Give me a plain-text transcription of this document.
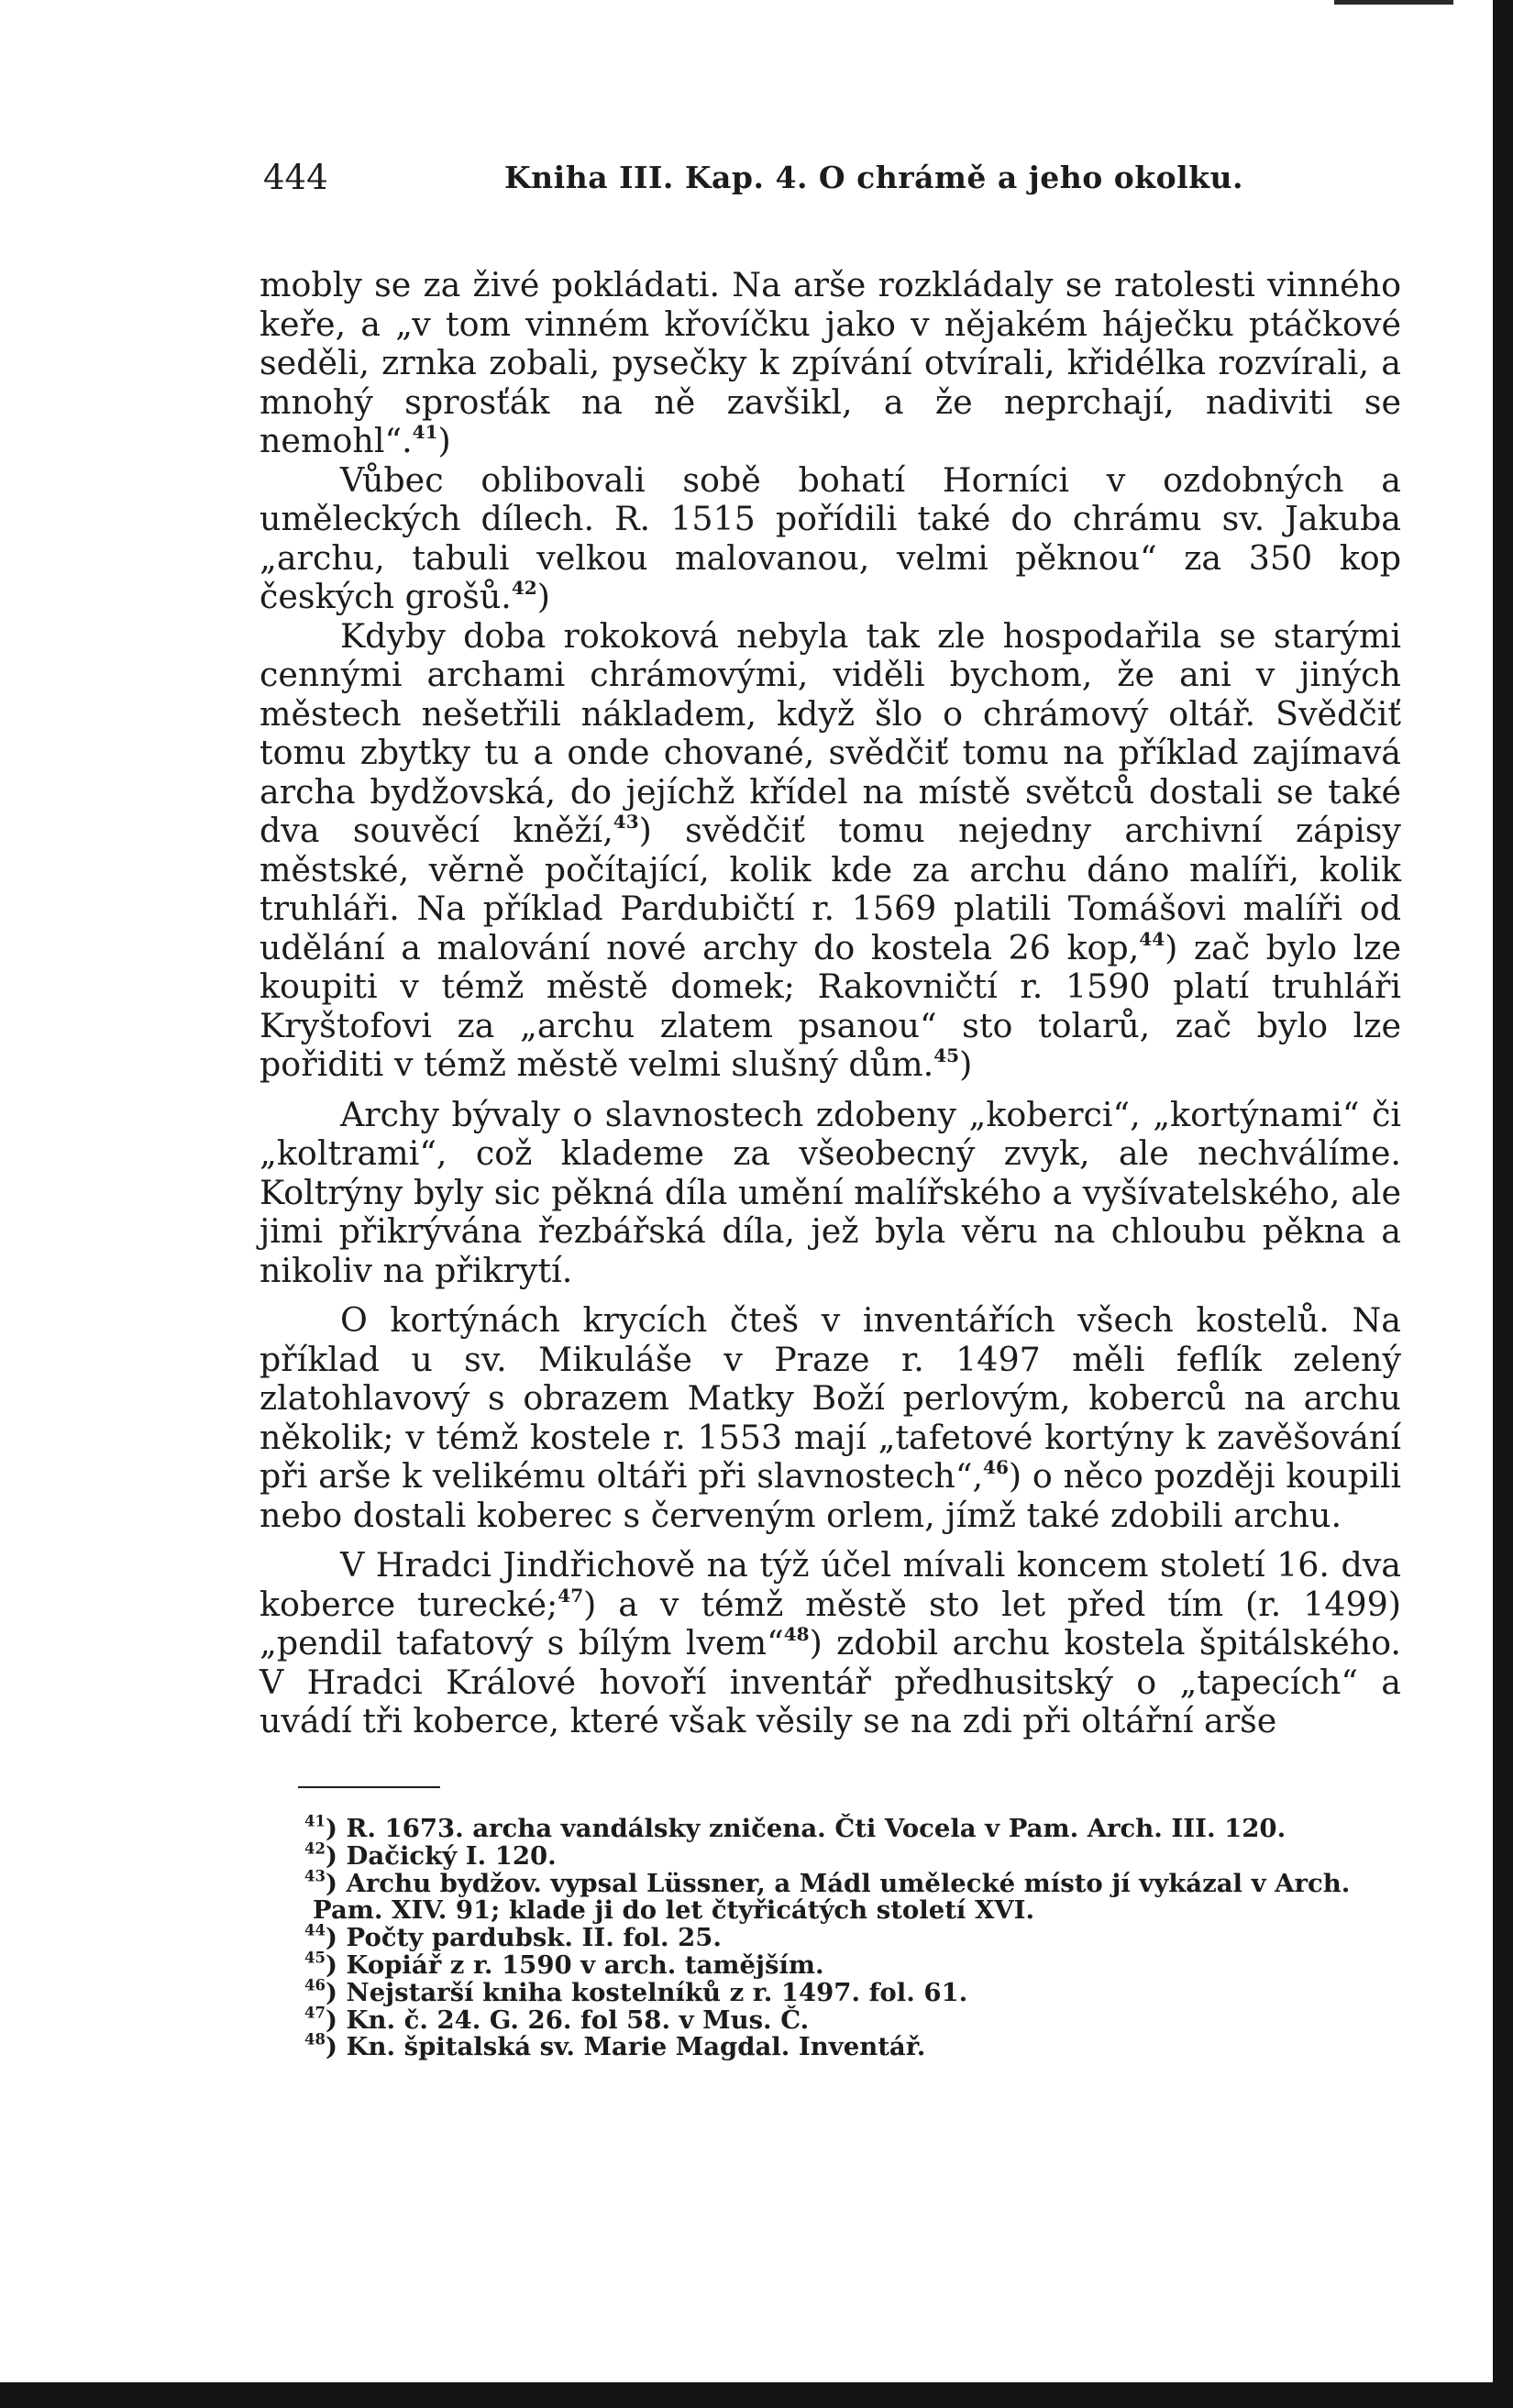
444	Kniha III. Kap. 4. O chrámě a jeho okolku.

mobly se za živé pokládati. Na arše rozkládaly se ratolesti vinného keře, a „v tom vinném křovíčku jako v nějakém háječku ptáčkové seděli, zrnka zobali, pysečky k zpívání otvírali, křidélka rozvírali, a mnohý sprosťák na ně zavšikl, a že neprchají, nadiviti se nemohl“.$^{41}$)

Vůbec oblibovali sobě bohatí Horníci v ozdobných a uměleckých dílech. R. 1515 pořídili také do chrámu sv. Jakuba „archu, tabuli velkou malovanou, velmi pěknou“ za 350 kop českých grošů.$^{42}$)

Kdyby doba rokoková nebyla tak zle hospodařila se starými cennými archami chrámovými, viděli bychom, že ani v jiných městech nešetřili nákladem, když šlo o chrámový oltář. Svědčiť tomu zbytky tu a onde chované, svědčiť tomu na příklad zajímavá archa bydžovská, do jejíchž křídel na místě světců dostali se také dva souvěcí kněží,$^{43}$) svědčiť tomu nejedny archivní zápisy městské, věrně počítající, kolik kde za archu dáno malíři, kolik truhláři. Na příklad Pardubičtí r. 1569 platili Tomášovi malíři od udělání a malování nové archy do kostela 26 kop,$^{44}$) zač bylo lze koupiti v témž městě domek; Rakovničtí r. 1590 platí truhláři Kryštofovi za „archu zlatem psanou“ sto tolarů, zač bylo lze pořiditi v témž městě velmi slušný dům.$^{45}$)

Archy bývaly o slavnostech zdobeny „koberci“, „kortýnami“ či „koltrami“, což klademe za všeobecný zvyk, ale nechválíme. Koltrýny byly sic pěkná díla umění malířského a vyšívatelského, ale jimi přikrývána řezbářská díla, jež byla věru na chloubu pěkna a nikoliv na přikrytí.

O kortýnách krycích čteš v inventářích všech kostelů. Na příklad u sv. Mikuláše v Praze r. 1497 měli feflík zelený zlatohlavový s obrazem Matky Boží perlovým, koberců na archu několik; v témž kostele r. 1553 mají „tafetové kortýny k zavěšování při arše k velikému oltáři při slavnostech“,$^{46}$) o něco později koupili nebo dostali koberec s červeným orlem, jímž také zdobili archu.

V Hradci Jindřichově na týž účel mívali koncem století 16. dva koberce turecké;$^{47}$) a v témž městě sto let před tím (r. 1499) „pendil tafatový s bílým lvem“$^{48}$) zdobil archu kostela špitálského. V Hradci Králové hovoří inventář předhusitský o „tapecích“ a uvádí tři koberce, které však věsily se na zdi při oltářní arše

$^{41}$) R. 1673. archa vandálsky zničena. Čti Vocela v Pam. Arch. III. 120.
$^{42}$) Dačický I. 120.
$^{43}$) Archu bydžov. vypsal Lüssner, a Mádl umělecké místo jí vykázal v Arch. Pam. XIV. 91; klade ji do let čtyřicátých století XVI.
$^{44}$) Počty pardubsk. II. fol. 25.
$^{45}$) Kopiář z r. 1590 v arch. tamějším.
$^{46}$) Nejstarší kniha kostelníků z r. 1497. fol. 61.
$^{47}$) Kn. č. 24. G. 26. fol 58. v Mus. Č.
$^{48}$) Kn. špitalská sv. Marie Magdal. Inventář.
